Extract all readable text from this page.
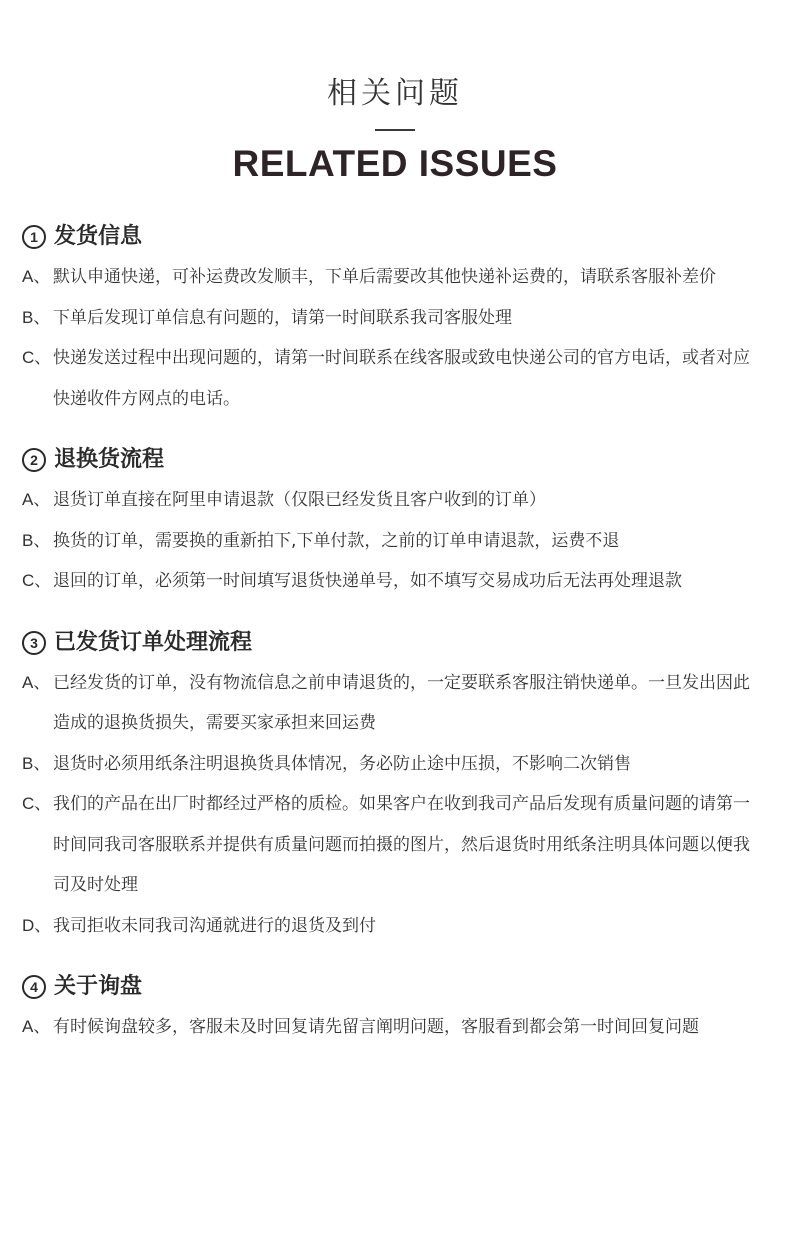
相关问题
RELATED ISSUES
1 发货信息
A、 默认申通快递，可补运费改发顺丰，下单后需要改其他快递补运费的，请联系客服补差价
B、 下单后发现订单信息有问题的，请第一时间联系我司客服处理
C、 快递发送过程中出现问题的，请第一时间联系在线客服或致电快递公司的官方电话，或者对应快递收件方网点的电话。
2 退换货流程
A、 退货订单直接在阿里申请退款（仅限已经发货且客户收到的订单）
B、 换货的订单，需要换的重新拍下,下单付款，之前的订单申请退款，运费不退
C、 退回的订单，必须第一时间填写退货快递单号，如不填写交易成功后无法再处理退款
3 已发货订单处理流程
A、 已经发货的订单，没有物流信息之前申请退货的，一定要联系客服注销快递单。一旦发出因此造成的退换货损失，需要买家承担来回运费
B、 退货时必须用纸条注明退换货具体情况，务必防止途中压损，不影响二次销售
C、 我们的产品在出厂时都经过严格的质检。如果客户在收到我司产品后发现有质量问题的请第一时间同我司客服联系并提供有质量问题而拍摄的图片，然后退货时用纸条注明具体问题以便我司及时处理
D、 我司拒收未同我司沟通就进行的退货及到付
4 关于询盘
A、 有时候询盘较多，客服未及时回复请先留言阐明问题，客服看到都会第一时间回复问题
